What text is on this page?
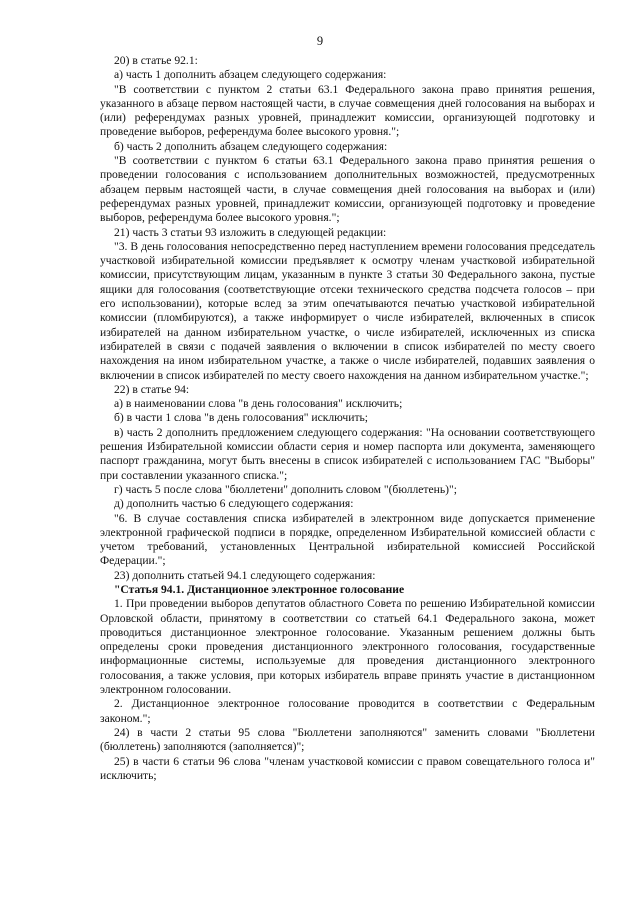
9

20) в статье 92.1:

а) часть 1 дополнить абзацем следующего содержания:

"В соответствии с пунктом 2 статьи 63.1 Федерального закона право принятия решения, указанного в абзаце первом настоящей части, в случае совмещения дней голосования на выборах и (или) референдумах разных уровней, принадлежит комиссии, организующей подготовку и проведение выборов, референдума более высокого уровня.";

б) часть 2 дополнить абзацем следующего содержания:

"В соответствии с пунктом 6 статьи 63.1 Федерального закона право принятия решения о проведении голосования с использованием дополнительных возможностей, предусмотренных абзацем первым настоящей части, в случае совмещения дней голосования на выборах и (или) референдумах разных уровней, принадлежит комиссии, организующей подготовку и проведение выборов, референдума более высокого уровня.";

21) часть 3 статьи 93 изложить в следующей редакции:

"3. В день голосования непосредственно перед наступлением времени голосования председатель участковой избирательной комиссии предъявляет к осмотру членам участковой избирательной комиссии, присутствующим лицам, указанным в пункте 3 статьи 30 Федерального закона, пустые ящики для голосования (соответствующие отсеки технического средства подсчета голосов – при его использовании), которые вслед за этим опечатываются печатью участковой избирательной комиссии (пломбируются), а также информирует о числе избирателей, включенных в список избирателей на данном избирательном участке, о числе избирателей, исключенных из списка избирателей в связи с подачей заявления о включении в список избирателей по месту своего нахождения на ином избирательном участке, а также о числе избирателей, подавших заявления о включении в список избирателей по месту своего нахождения на данном избирательном участке.";

22) в статье 94:

а) в наименовании слова "в день голосования" исключить;

б) в части 1 слова "в день голосования" исключить;

в) часть 2 дополнить предложением следующего содержания: "На основании соответствующего решения Избирательной комиссии области серия и номер паспорта или документа, заменяющего паспорт гражданина, могут быть внесены в список избирателей с использованием ГАС "Выборы" при составлении указанного списка.";

г) часть 5 после слова "бюллетени" дополнить словом "(бюллетень)";

д) дополнить частью 6 следующего содержания:

"6. В случае составления списка избирателей в электронном виде допускается применение электронной графической подписи в порядке, определенном Избирательной комиссией области с учетом требований, установленных Центральной избирательной комиссией Российской Федерации.";

23) дополнить статьей 94.1 следующего содержания:

"Статья 94.1. Дистанционное электронное голосование

1. При проведении выборов депутатов областного Совета по решению Избирательной комиссии Орловской области, принятому в соответствии со статьей 64.1 Федерального закона, может проводиться дистанционное электронное голосование. Указанным решением должны быть определены сроки проведения дистанционного электронного голосования, государственные информационные системы, используемые для проведения дистанционного электронного голосования, а также условия, при которых избиратель вправе принять участие в дистанционном электронном голосовании.

2. Дистанционное электронное голосование проводится в соответствии с Федеральным законом.";

24) в части 2 статьи 95 слова "Бюллетени заполняются" заменить словами "Бюллетени (бюллетень) заполняются (заполняется)";

25) в части 6 статьи 96 слова "членам участковой комиссии с правом совещательного голоса и" исключить;
